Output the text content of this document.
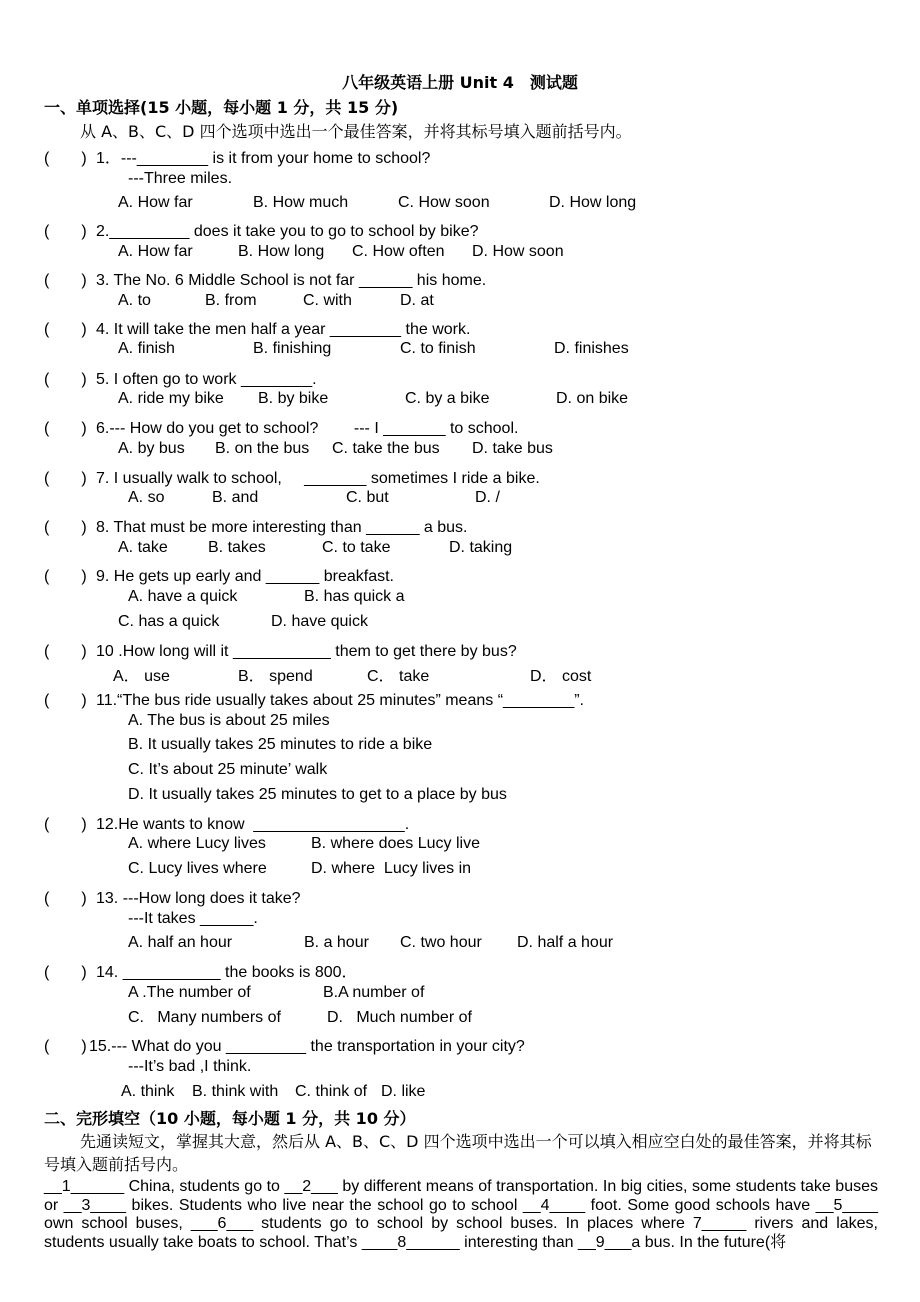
八年级英语上册 Unit 4　测试题
一、单项选择(15 小题，每小题 1 分，共 15 分)
从 A、B、C、D 四个选项中选出一个最佳答案，并将其标号填入题前括号内。
(　　) 1．---________ is it from your home to school?
---Three miles.
A. How far	B. How much	C. How soon	D. How long
(　　) 2._________ does it take you to go to school by bike?
A. How far	B. How long C. How often D. How soon
(　　) 3. The No. 6 Middle School is not far ______ his home.
A. to	B. from	C. with	D. at
(　　) 4. It will take the men half a year ________ the work.
A. finish	B. finishing	C. to finish	D. finishes
(　　) 5. I often go to work ________.
A. ride my bike B. by bike	C. by a bike	D. on bike
(　　) 6.--- How do you get to school?        --- I _______ to school.
A. by bus B. on the bus C. take the bus D. take bus
(　　) 7. I usually walk to school,     _______ sometimes I ride a bike.
A. so	B. and	C. but	D. /
(　　) 8. That must be more interesting than ______ a bus.
A. take	B. takes	C. to take	D. taking
(　　) 9. He gets up early and ______ breakfast.
A. have a quick	B. has quick a
C. has a quick	D. have quick
(　　) 10 .How long will it ___________ them to get there by bus?
A． use	B． spend	C． take	D． cost
(　　) 11.“The bus ride usually takes about 25 minutes” means “________”.
A. The bus is about 25 miles
B. It usually takes 25 minutes to ride a bike
C. It’s about 25 minute’ walk
D. It usually takes 25 minutes to get to a place by bus
(　　) 12.He wants to know  _________________.
A. where Lucy lives	B. where does Lucy live
C. Lucy lives where	D. where  Lucy lives in
(　　) 13. ---How long does it take?
---It takes ______.
A. half an hour	B. a hour C. two hour D. half a hour
(　　) 14. ___________ the books is 800．
A .The number of	B.A number of
C.   Many numbers of	D.   Much number of
(　　) 15.--- What do you _________ the transportation in your city?
---It’s bad ,I think.
A. think B. think with C. think of D. like
二、完形填空（10 小题，每小题 1 分，共 10 分）
先通读短文，掌握其大意，然后从 A、B、C、D 四个选项中选出一个可以填入相应空白处的最佳答案，并将其标号填入题前括号内。
__1______ China, students go to __2___ by different means of transportation. In big cities, some students take buses or __3____ bikes. Students who live near the school go to school __4____ foot. Some good schools have __5____ own school buses, ___6___ students go to school by school buses. In places where 7_____ rivers and lakes, students usually take boats to school. That’s ____8______ interesting than __9___a bus. In the future(将
